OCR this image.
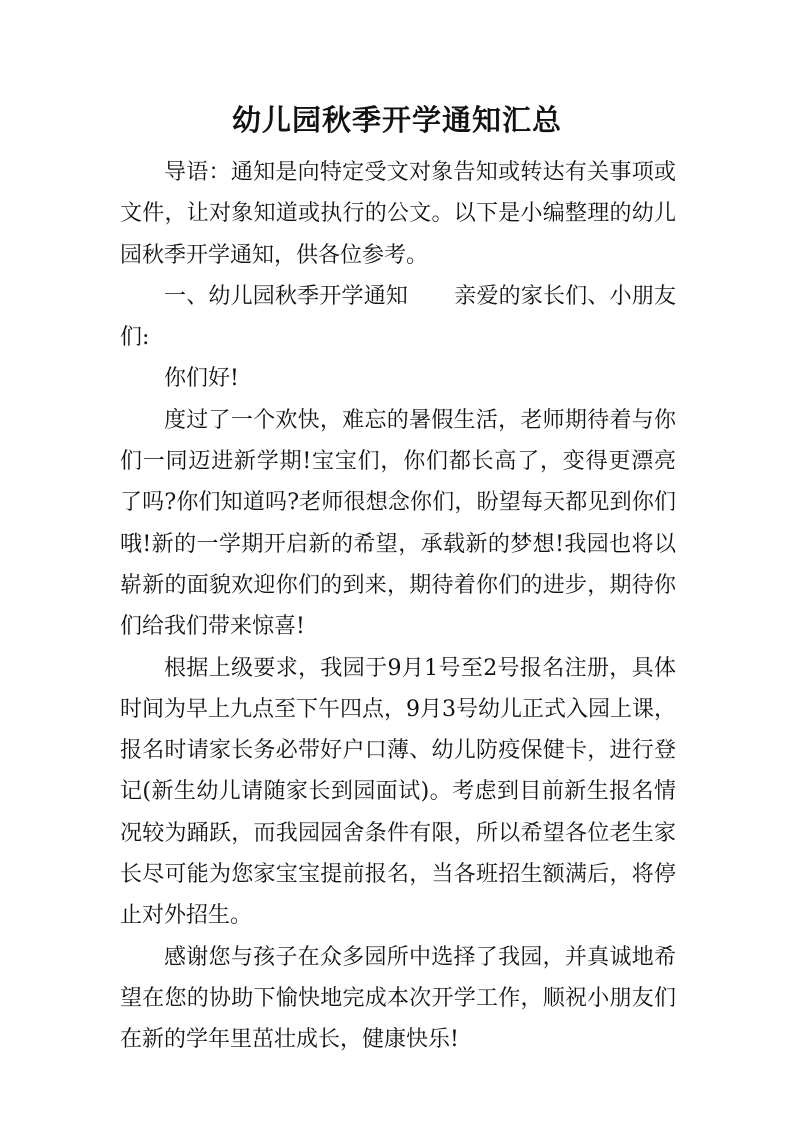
幼儿园秋季开学通知汇总

导语：通知是向特定受文对象告知或转达有关事项或文件，让对象知道或执行的公文。以下是小编整理的幼儿园秋季开学通知，供各位参考。

一、幼儿园秋季开学通知 亲爱的家长们、小朋友们:

你们好!

度过了一个欢快，难忘的暑假生活，老师期待着与你们一同迈进新学期!宝宝们，你们都长高了，变得更漂亮了吗?你们知道吗?老师很想念你们，盼望每天都见到你们哦!新的一学期开启新的希望，承载新的梦想!我园也将以崭新的面貌欢迎你们的到来，期待着你们的进步，期待你们给我们带来惊喜!

根据上级要求，我园于9月1号至2号报名注册，具体时间为早上九点至下午四点，9月3号幼儿正式入园上课，报名时请家长务必带好户口薄、幼儿防疫保健卡，进行登记(新生幼儿请随家长到园面试)。考虑到目前新生报名情况较为踊跃，而我园园舍条件有限，所以希望各位老生家长尽可能为您家宝宝提前报名，当各班招生额满后，将停止对外招生。

感谢您与孩子在众多园所中选择了我园，并真诚地希望在您的协助下愉快地完成本次开学工作，顺祝小朋友们在新的学年里茁壮成长，健康快乐!
